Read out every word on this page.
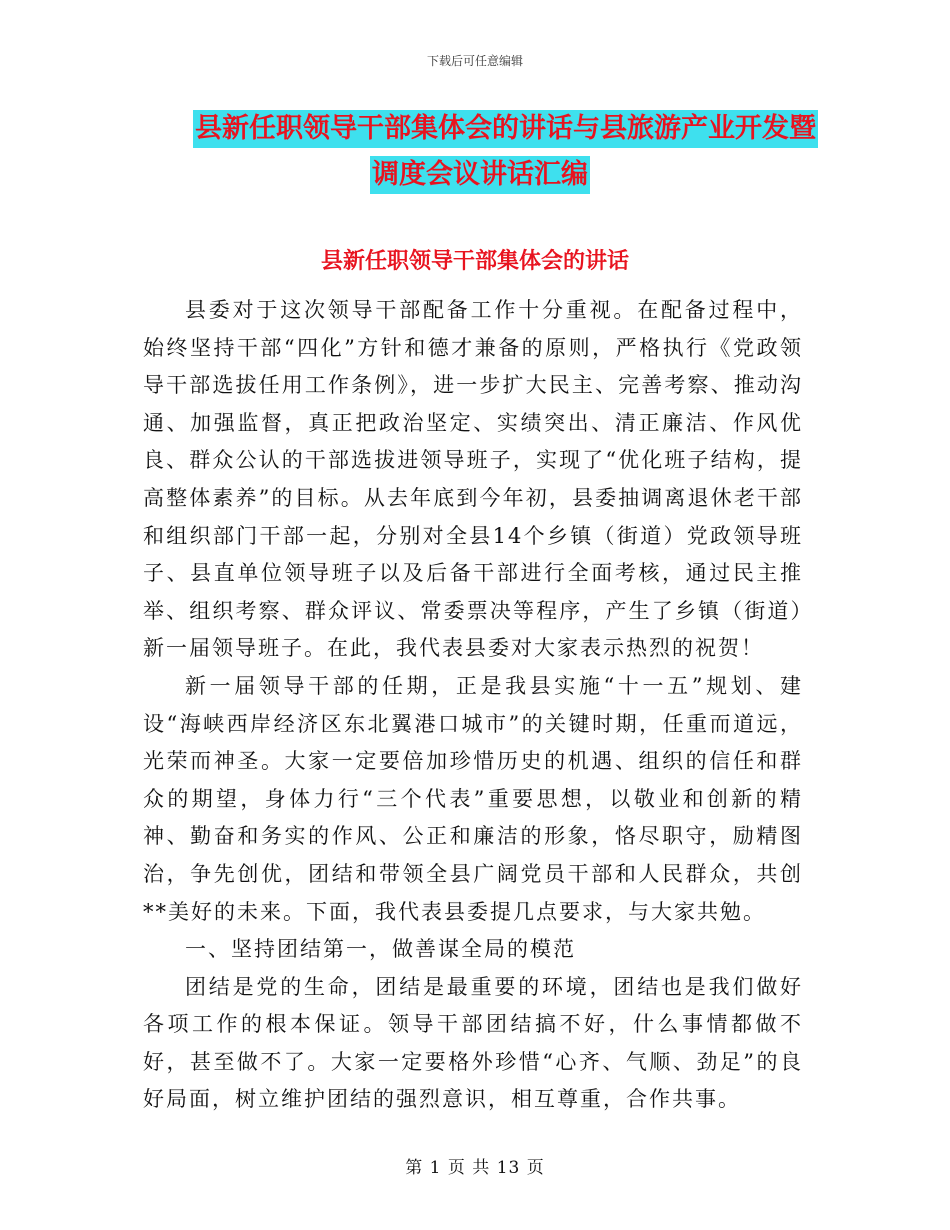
下载后可任意编辑
县新任职领导干部集体会的讲话与县旅游产业开发暨
调度会议讲话汇编
县新任职领导干部集体会的讲话

县委对于这次领导干部配备工作十分重视。在配备过程中，始终坚持干部“四化”方针和德才兼备的原则，严格执行《党政领导干部选拔任用工作条例》，进一步扩大民主、完善考察、推动沟通、加强监督，真正把政治坚定、实绩突出、清正廉洁、作风优良、群众公认的干部选拔进领导班子，实现了“优化班子结构，提高整体素养”的目标。从去年底到今年初，县委抽调离退休老干部和组织部门干部一起，分别对全县14个乡镇（街道）党政领导班子、县直单位领导班子以及后备干部进行全面考核，通过民主推举、组织考察、群众评议、常委票决等程序，产生了乡镇（街道）新一届领导班子。在此，我代表县委对大家表示热烈的祝贺！

新一届领导干部的任期，正是我县实施“十一五”规划、建设“海峡西岸经济区东北翼港口城市”的关键时期，任重而道远，光荣而神圣。大家一定要倍加珍惜历史的机遇、组织的信任和群众的期望，身体力行“三个代表”重要思想，以敬业和创新的精神、勤奋和务实的作风、公正和廉洁的形象，恪尽职守，励精图治，争先创优，团结和带领全县广阔党员干部和人民群众，共创**美好的未来。下面，我代表县委提几点要求，与大家共勉。

一、坚持团结第一，做善谋全局的模范

团结是党的生命，团结是最重要的环境，团结也是我们做好各项工作的根本保证。领导干部团结搞不好，什么事情都做不好，甚至做不了。大家一定要格外珍惜“心齐、气顺、劲足”的良好局面，树立维护团结的强烈意识，相互尊重，合作共事。

第 1 页 共 13 页
